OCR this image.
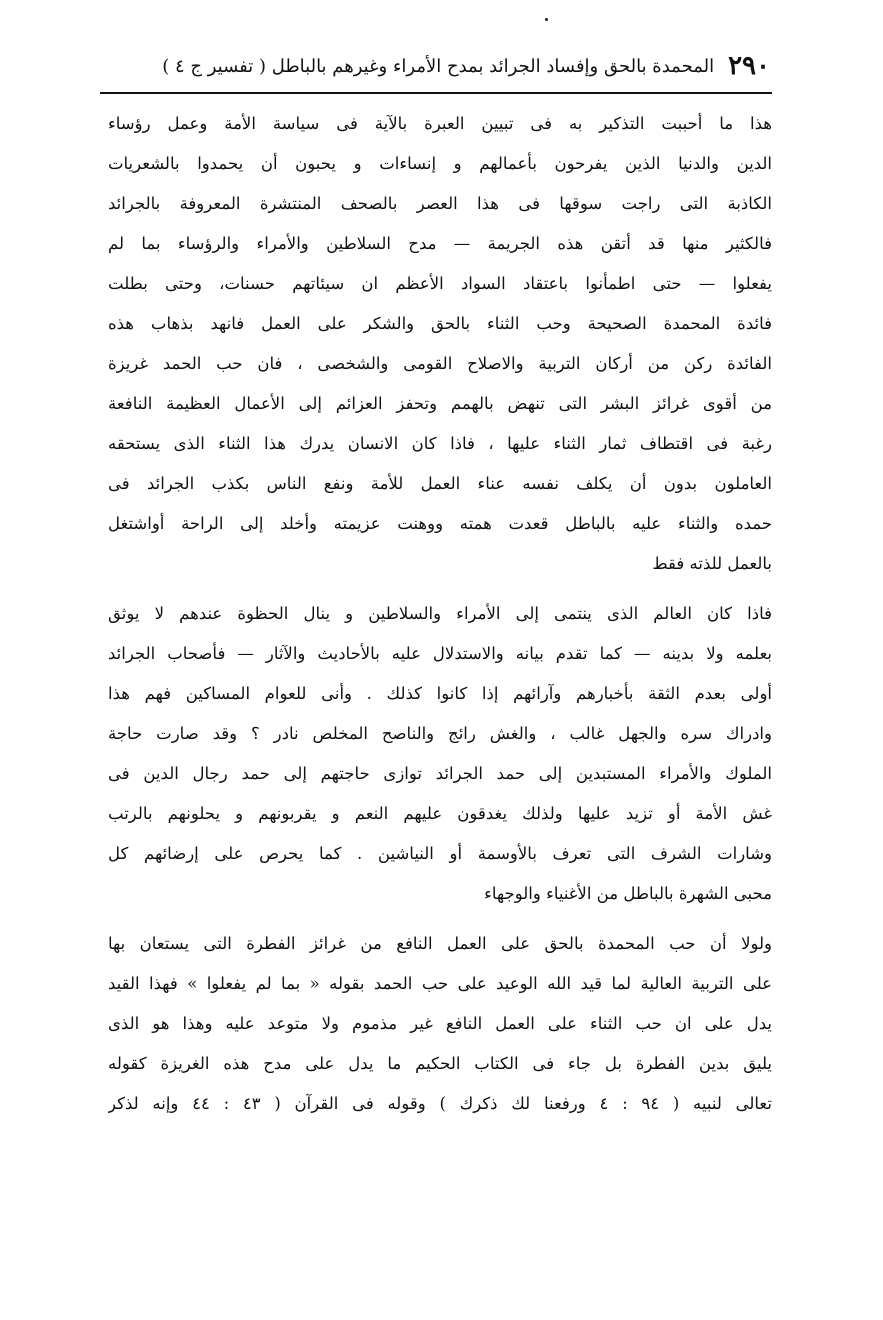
٢٩٠
المحمدة بالحق وإفساد الجرائد بمدح الأمراء وغيرهم بالباطل ( تفسير ج ٤ )
هذا ما أحببت التذكير به فى تبيين العبرة بالآية فى سياسة الأمة وعمل رؤساء
الدين والدنيا الذين يفرحون بأعمالهم و إنساءات و يحبون أن يحمدوا بالشعريات
الكاذبة التى راجت سوقها فى هذا العصر بالصحف المنتشرة المعروفة بالجرائد
فالكثير منها قد أتقن هذه الجريمة — مدح السلاطين والأمراء والرؤساء بما لم
يفعلوا — حتى اطمأنوا باعتقاد السواد الأعظم ان سيئاتهم حسنات، وحتى بطلت
فائدة المحمدة الصحيحة وحب الثناء بالحق والشكر على العمل فانهد بذهاب هذه
الفائدة ركن من أركان التربية والاصلاح القومى والشخصى ، فان حب الحمد غريزة
من أقوى غرائز البشر التى تنهض بالهمم وتحفز العزائم إلى الأعمال العظيمة النافعة
رغبة فى اقتطاف ثمار الثناء عليها ، فاذا كان الانسان يدرك هذا الثناء الذى يستحقه
العاملون بدون أن يكلف نفسه عناء العمل للأمة ونفع الناس بكذب الجرائد فى
حمده والثناء عليه بالباطل قعدت همته ووهنت عزيمته وأخلد إلى الراحة أواشتغل
بالعمل للذته فقط
فاذا كان العالم الذى ينتمى إلى الأمراء والسلاطين و ينال الحظوة عندهم لا يوثق
بعلمه ولا بدينه — كما تقدم بيانه والاستدلال عليه بالأحاديث والآثار — فأصحاب الجرائد
أولى بعدم الثقة بأخبارهم وآرائهم إذا كانوا كذلك . وأنى للعوام المساكين فهم هذا
وادراك سره والجهل غالب ، والغش رائج والناصح المخلص نادر ؟ وقد صارت حاجة
الملوك والأمراء المستبدين إلى حمد الجرائد توازى حاجتهم إلى حمد رجال الدين فى
غش الأمة أو تزيد عليها ولذلك يغدقون عليهم النعم و يقربونهم و يحلونهم بالرتب
وشارات الشرف التى تعرف بالأوسمة أو النياشين . كما يحرص على إرضائهم كل
محبى الشهرة بالباطل من الأغنياء والوجهاء
ولولا أن حب المحمدة بالحق على العمل النافع من غرائز الفطرة التى يستعان بها
على التربية العالية لما قيد الله الوعيد على حب الحمد بقوله « بما لم يفعلوا » فهذا القيد
يدل على ان حب الثناء على العمل النافع غير مذموم ولا متوعد عليه وهذا هو الذى
يليق بدين الفطرة بل جاء فى الكتاب الحكيم ما يدل على مدح هذه الغريزة كقوله
تعالى لنبيه ( ٩٤ : ٤ ورفعنا لك ذكرك ) وقوله فى القرآن ( ٤٣ : ٤٤ وإنه لذكر
